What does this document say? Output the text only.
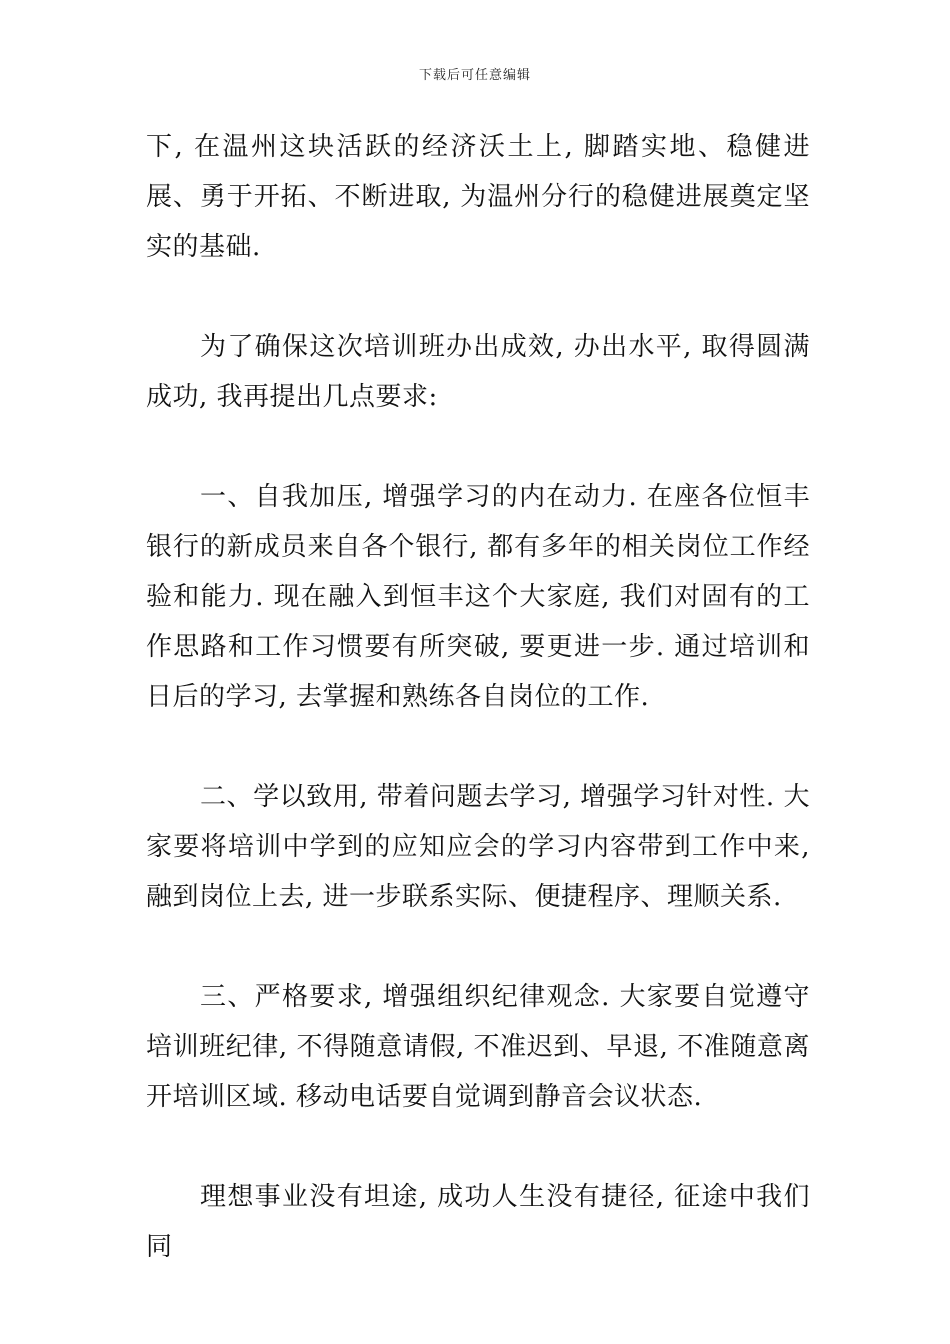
下载后可任意编辑

下, 在温州这块活跃的经济沃土上, 脚踏实地、稳健进展、勇于开拓、不断进取, 为温州分行的稳健进展奠定坚实的基础.

为了确保这次培训班办出成效, 办出水平, 取得圆满成功, 我再提出几点要求:

一、自我加压, 增强学习的内在动力. 在座各位恒丰银行的新成员来自各个银行, 都有多年的相关岗位工作经验和能力. 现在融入到恒丰这个大家庭, 我们对固有的工作思路和工作习惯要有所突破, 要更进一步. 通过培训和日后的学习, 去掌握和熟练各自岗位的工作.

二、学以致用, 带着问题去学习, 增强学习针对性. 大家要将培训中学到的应知应会的学习内容带到工作中来, 融到岗位上去, 进一步联系实际、便捷程序、理顺关系.

三、严格要求, 增强组织纪律观念. 大家要自觉遵守培训班纪律, 不得随意请假, 不准迟到、早退, 不准随意离开培训区域. 移动电话要自觉调到静音会议状态.

理想事业没有坦途, 成功人生没有捷径, 征途中我们同
